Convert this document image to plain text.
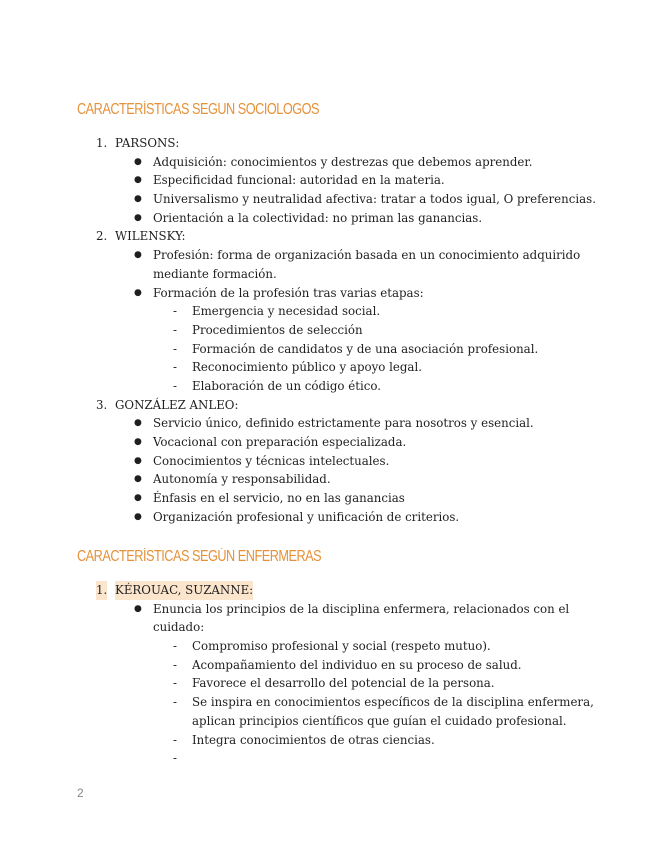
CARACTERÍSTICAS SEGUN SOCIOLOGOS
1. PARSONS:
● Adquisición: conocimientos y destrezas que debemos aprender.
● Especificidad funcional: autoridad en la materia.
● Universalismo y neutralidad afectiva: tratar a todos igual, O preferencias.
● Orientación a la colectividad: no priman las ganancias.
2. WILENSKY:
● Profesión: forma de organización basada en un conocimiento adquirido
mediante formación.
● Formación de la profesión tras varias etapas:
- Emergencia y necesidad social.
- Procedimientos de selección
- Formación de candidatos y de una asociación profesional.
- Reconocimiento público y apoyo legal.
- Elaboración de un código ético.
3. GONZÁLEZ ANLEO:
● Servicio único, definido estrictamente para nosotros y esencial.
● Vocacional con preparación especializada.
● Conocimientos y técnicas intelectuales.
● Autonomía y responsabilidad.
● Énfasis en el servicio, no en las ganancias
● Organización profesional y unificación de criterios.
CARACTERÍSTICAS SEGÚN ENFERMERAS
1. KÉROUAC, SUZANNE:
● Enuncia los principios de la disciplina enfermera, relacionados con el
cuidado:
- Compromiso profesional y social (respeto mutuo).
- Acompañamiento del individuo en su proceso de salud.
- Favorece el desarrollo del potencial de la persona.
- Se inspira en conocimientos específicos de la disciplina enfermera,
aplican principios científicos que guían el cuidado profesional.
- Integra conocimientos de otras ciencias.
-
2
